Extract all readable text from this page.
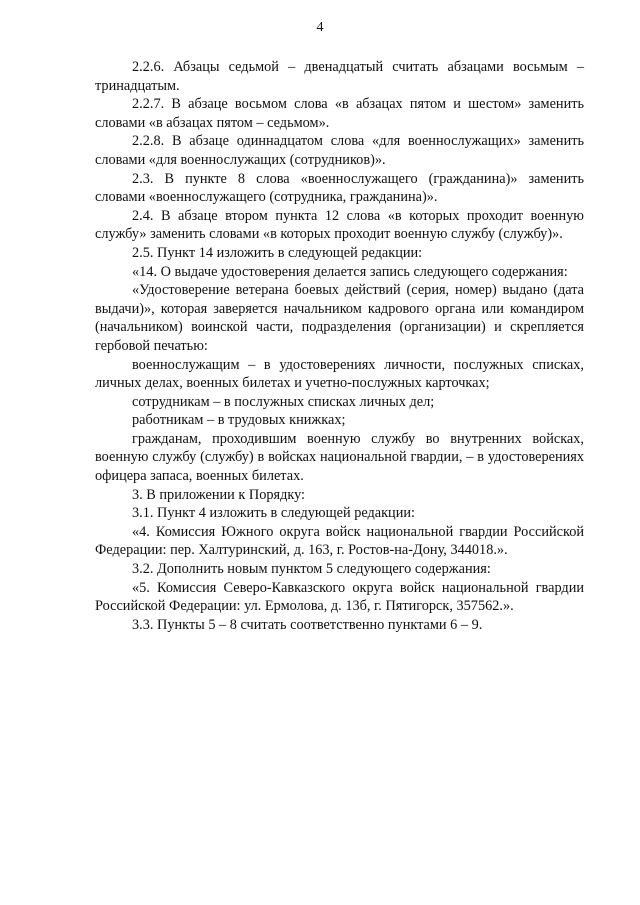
4

2.2.6. Абзацы седьмой – двенадцатый считать абзацами восьмым – тринадцатым.

2.2.7. В абзаце восьмом слова «в абзацах пятом и шестом» заменить словами «в абзацах пятом – седьмом».

2.2.8. В абзаце одиннадцатом слова «для военнослужащих» заменить словами «для военнослужащих (сотрудников)».

2.3. В пункте 8 слова «военнослужащего (гражданина)» заменить словами «военнослужащего (сотрудника, гражданина)».

2.4. В абзаце втором пункта 12 слова «в которых проходит военную службу» заменить словами «в которых проходит военную службу (службу)».

2.5. Пункт 14 изложить в следующей редакции:

«14. О выдаче удостоверения делается запись следующего содержания:

«Удостоверение ветерана боевых действий (серия, номер) выдано (дата выдачи)», которая заверяется начальником кадрового органа или командиром (начальником) воинской части, подразделения (организации) и скрепляется гербовой печатью:

военнослужащим – в удостоверениях личности, послужных списках, личных делах, военных билетах и учетно-послужных карточках;

сотрудникам – в послужных списках личных дел;

работникам – в трудовых книжках;

гражданам, проходившим военную службу во внутренних войсках, военную службу (службу) в войсках национальной гвардии, – в удостоверениях офицера запаса, военных билетах.

3. В приложении к Порядку:

3.1. Пункт 4 изложить в следующей редакции:

«4. Комиссия Южного округа войск национальной гвардии Российской Федерации: пер. Халтуринский, д. 163, г. Ростов-на-Дону, 344018.».

3.2. Дополнить новым пунктом 5 следующего содержания:

«5. Комиссия Северо-Кавказского округа войск национальной гвардии Российской Федерации: ул. Ермолова, д. 13б, г. Пятигорск, 357562.».

3.3. Пункты 5 – 8 считать соответственно пунктами 6 – 9.
